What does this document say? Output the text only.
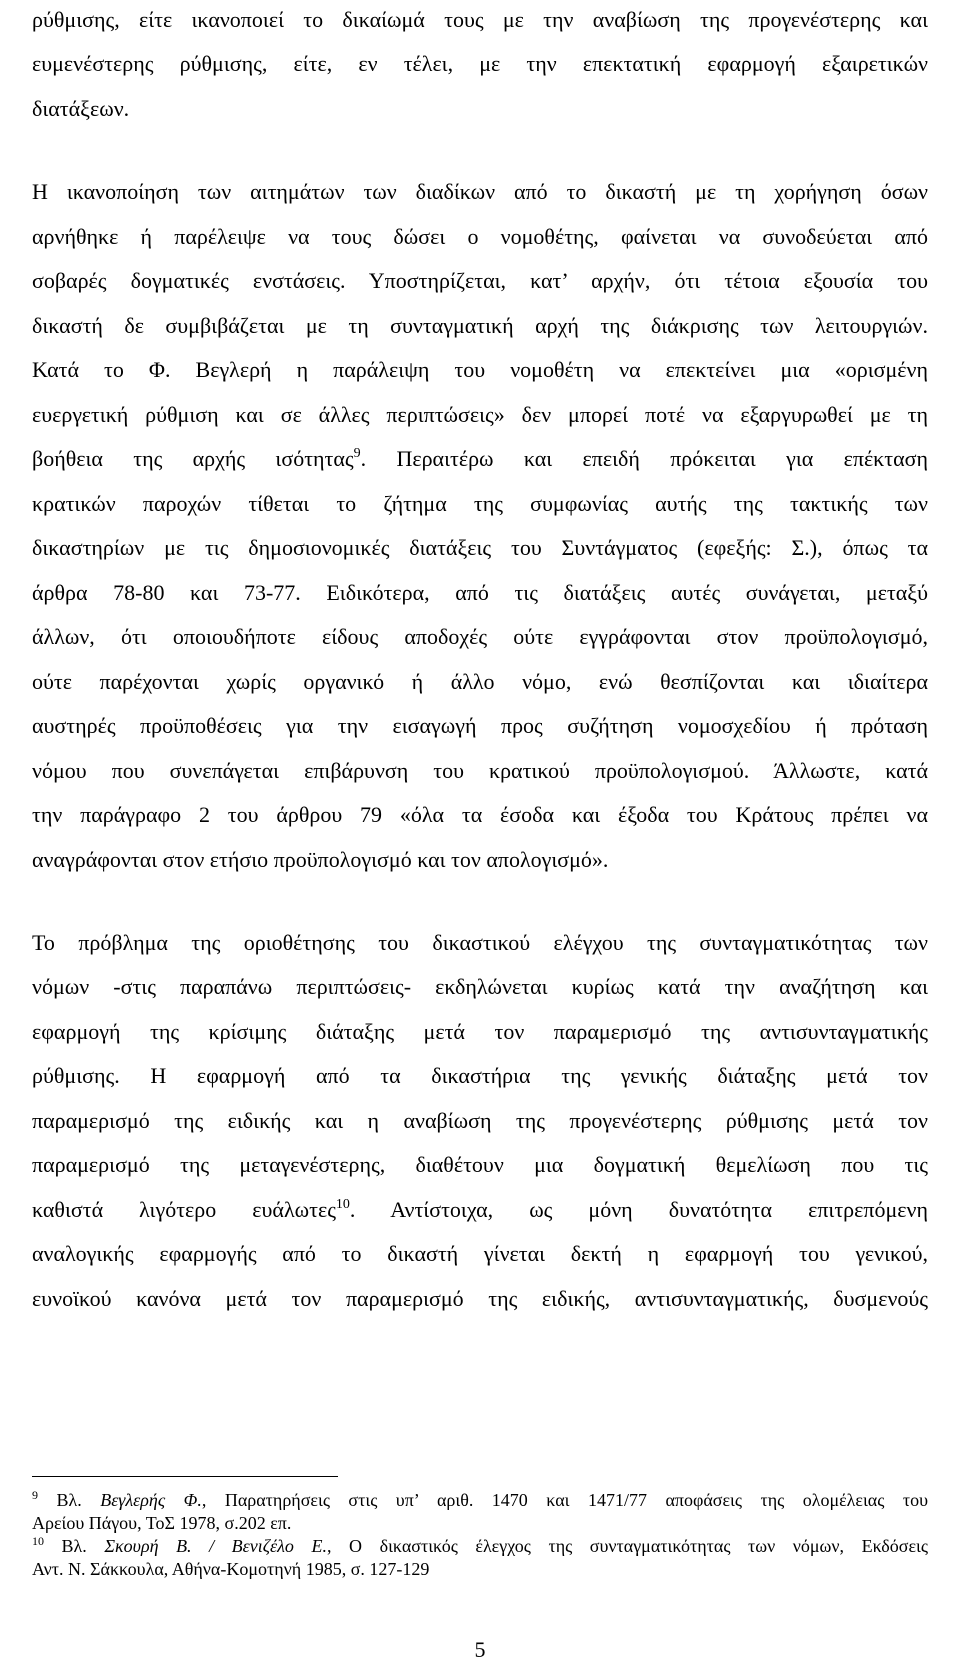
ρύθμισης, είτε ικανοποιεί το δικαίωμά τους με την αναβίωση της προγενέστερης και
ευμενέστερης ρύθμισης, είτε, εν τέλει, με την επεκτατική εφαρμογή εξαιρετικών
διατάξεων.
Η ικανοποίηση των αιτημάτων των διαδίκων από το δικαστή με τη χορήγηση όσων
αρνήθηκε ή παρέλειψε να τους δώσει ο νομοθέτης, φαίνεται να συνοδεύεται από
σοβαρές δογματικές ενστάσεις. Υποστηρίζεται, κατ’ αρχήν, ότι τέτοια εξουσία του
δικαστή δε συμβιβάζεται με τη συνταγματική αρχή της διάκρισης των λειτουργιών.
Κατά το Φ. Βεγλερή η παράλειψη του νομοθέτη να επεκτείνει μια «ορισμένη
ευεργετική ρύθμιση και σε άλλες περιπτώσεις» δεν μπορεί ποτέ να εξαργυρωθεί με τη
βοήθεια της αρχής ισότητας$^9$. Περαιτέρω και επειδή πρόκειται για επέκταση
κρατικών παροχών τίθεται το ζήτημα της συμφωνίας αυτής της τακτικής των
δικαστηρίων με τις δημοσιονομικές διατάξεις του Συντάγματος (εφεξής: Σ.), όπως τα
άρθρα 78-80 και 73-77. Ειδικότερα, από τις διατάξεις αυτές συνάγεται, μεταξύ
άλλων, ότι οποιουδήποτε είδους αποδοχές ούτε εγγράφονται στον προϋπολογισμό,
ούτε παρέχονται χωρίς οργανικό ή άλλο νόμο, ενώ θεσπίζονται και ιδιαίτερα
αυστηρές προϋποθέσεις για την εισαγωγή προς συζήτηση νομοσχεδίου ή πρόταση
νόμου που συνεπάγεται επιβάρυνση του κρατικού προϋπολογισμού. Άλλωστε, κατά
την παράγραφο 2 του άρθρου 79 «όλα τα έσοδα και έξοδα του Κράτους πρέπει να
αναγράφονται στον ετήσιο προϋπολογισμό και τον απολογισμό».
Το πρόβλημα της οριοθέτησης του δικαστικού ελέγχου της συνταγματικότητας των
νόμων -στις παραπάνω περιπτώσεις- εκδηλώνεται κυρίως κατά την αναζήτηση και
εφαρμογή της κρίσιμης διάταξης μετά τον παραμερισμό της αντισυνταγματικής
ρύθμισης. Η εφαρμογή από τα δικαστήρια της γενικής διάταξης μετά τον
παραμερισμό της ειδικής και η αναβίωση της προγενέστερης ρύθμισης μετά τον
παραμερισμό της μεταγενέστερης, διαθέτουν μια δογματική θεμελίωση που τις
καθιστά λιγότερο ευάλωτες$^{10}$. Αντίστοιχα, ως μόνη δυνατότητα επιτρεπόμενη
αναλογικής εφαρμογής από το δικαστή γίνεται δεκτή η εφαρμογή του γενικού,
ευνοϊκού κανόνα μετά τον παραμερισμό της ειδικής, αντισυνταγματικής, δυσμενούς
$^9$ Βλ. Βεγλερής Φ., Παρατηρήσεις στις υπ’ αριθ. 1470 και 1471/77 αποφάσεις της ολομέλειας του
Αρείου Πάγου, ΤοΣ 1978, σ.202 επ.
$^{10}$ Βλ. Σκουρή Β. / Βενιζέλο Ε., Ο δικαστικός έλεγχος της συνταγματικότητας των νόμων, Εκδόσεις
Αντ. Ν. Σάκκουλα, Αθήνα-Κομοτηνή 1985, σ. 127-129
5
